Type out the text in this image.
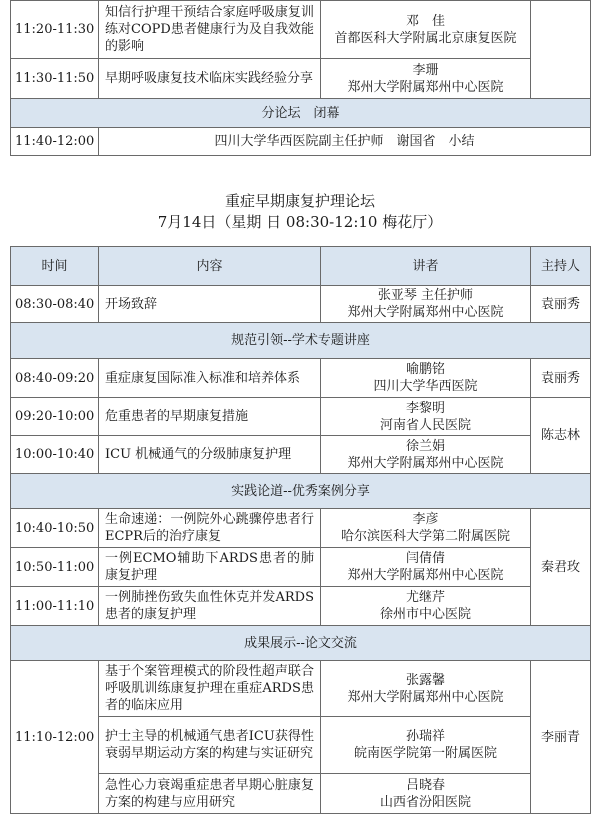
11:20-11:30	知信行护理干预结合家庭呼吸康复训练对COPD患者健康行为及自我效能的影响	邓　佳
首都医科大学附属北京康复医院	

11:30-11:50	早期呼吸康复技术临床实践经验分享	李珊
郑州大学附属郑州中心医院	

分论坛　闭幕			
11:40-12:00	四川大学华西医院副主任护师　谢国省　小结		
重症早期康复护理论坛
7月14日（星期 日 08:30-12:10 梅花厅）
时间	内容	讲者	主持人
08:30-08:40	开场致辞	张亚琴 主任护师
郑州大学附属郑州中心医院	袁丽秀
规范引领--学术专题讲座			
08:40-09:20	重症康复国际准入标准和培养体系	喻鹏铭
四川大学华西医院	袁丽秀
09:20-10:00	危重患者的早期康复措施	李黎明
河南省人民医院	陈志林
10:00-10:40	ICU 机械通气的分级肺康复护理	徐兰娟
郑州大学附属郑州中心医院	

实践论道--优秀案例分享			
10:40-10:50	生命速递：一例院外心跳骤停患者行ECPR后的治疗康复	李彦
哈尔滨医科大学第二附属医院	秦君玫
10:50-11:00	一例ECMO辅助下ARDS患者的肺康复护理	闫倩倩
郑州大学附属郑州中心医院	

11:00-11:10	一例肺挫伤致失血性休克并发ARDS患者的康复护理	尤继芹
徐州市中心医院	

成果展示--论文交流			
11:10-12:00	基于个案管理模式的阶段性超声联合呼吸肌训练康复护理在重症ARDS患者的临床应用	张露馨
郑州大学附属郑州中心医院	李丽青
	护士主导的机械通气患者ICU获得性衰弱早期运动方案的构建与实证研究	孙瑞祥
皖南医学院第一附属医院	

	急性心力衰竭重症患者早期心脏康复方案的构建与应用研究	吕晓春
山西省汾阳医院	
